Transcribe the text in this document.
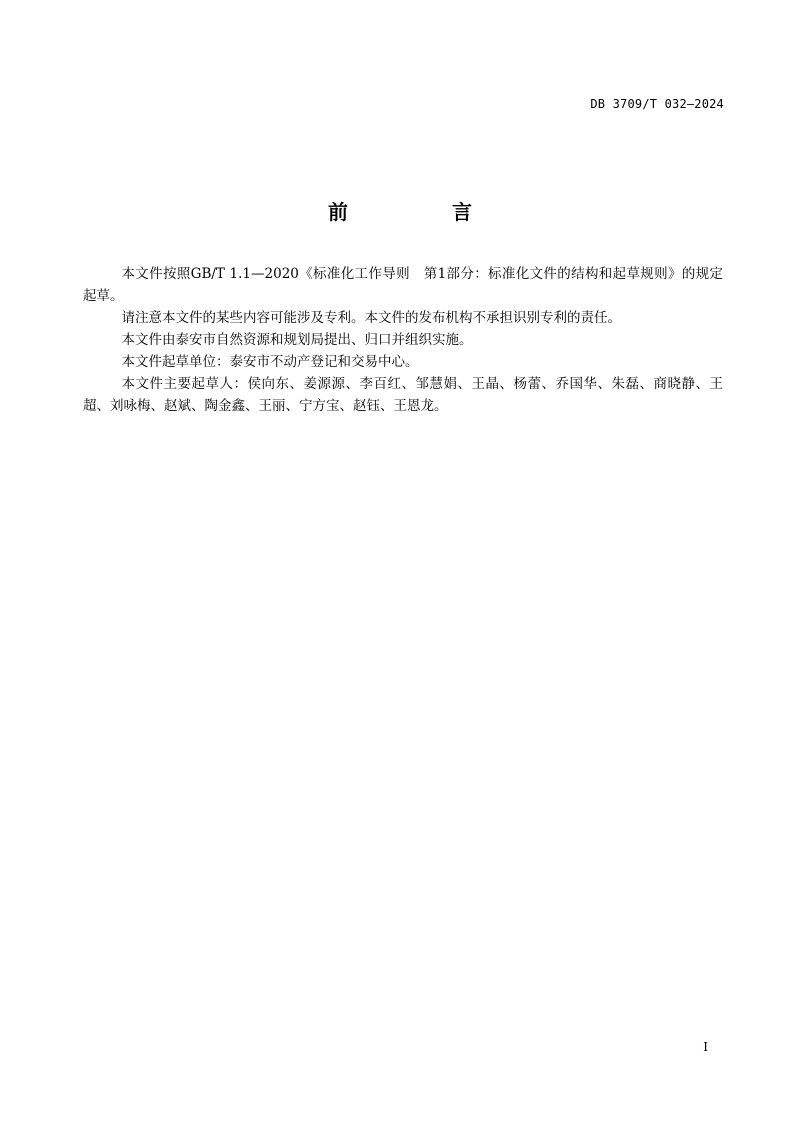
DB 3709/T 032—2024
前　言

本文件按照GB/T 1.1—2020《标准化工作导则　第1部分：标准化文件的结构和起草规则》的规定起草。

请注意本文件的某些内容可能涉及专利。本文件的发布机构不承担识别专利的责任。

本文件由泰安市自然资源和规划局提出、归口并组织实施。

本文件起草单位：泰安市不动产登记和交易中心。

本文件主要起草人：侯向东、姜源源、李百红、邹慧娟、王晶、杨蕾、乔国华、朱磊、商晓静、王超、刘咏梅、赵斌、陶金鑫、王丽、宁方宝、赵钰、王恩龙。

I
